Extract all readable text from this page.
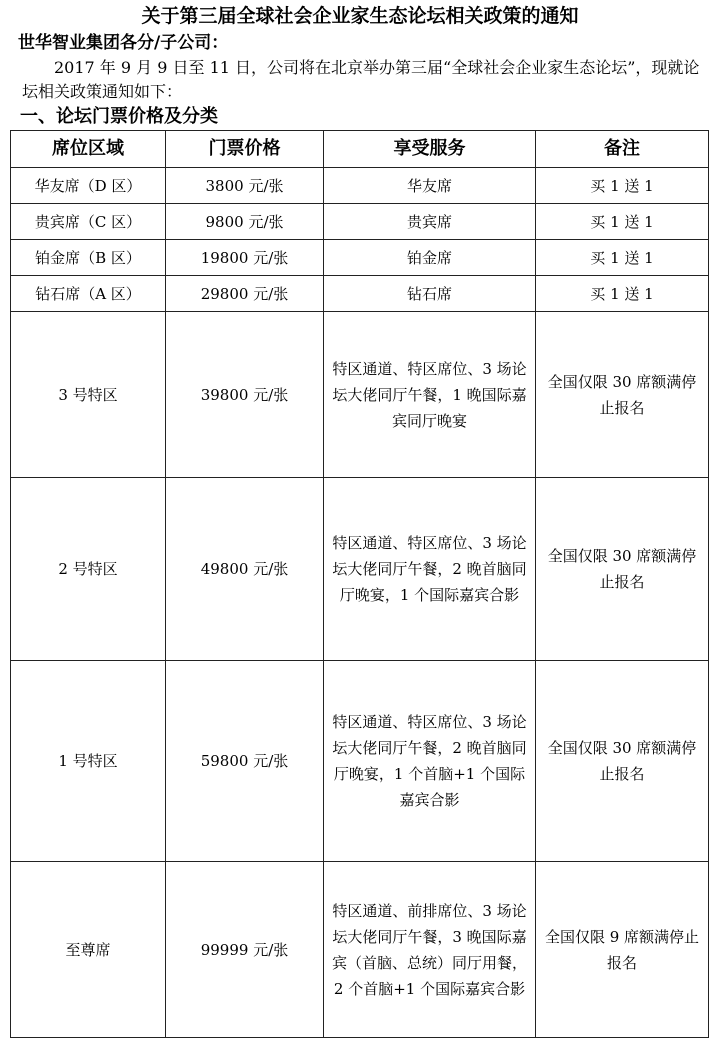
关于第三届全球社会企业家生态论坛相关政策的通知
世华智业集团各分/子公司：
2017 年 9 月 9 日至 11 日，公司将在北京举办第三届“全球社会企业家生态论坛”，现就论坛相关政策通知如下：
一、论坛门票价格及分类
席位区域	门票价格	享受服务	备注
华友席（D 区）	3800 元/张	华友席	买 1 送 1
贵宾席（C 区）	9800 元/张	贵宾席	买 1 送 1
铂金席（B 区）	19800 元/张	铂金席	买 1 送 1
钻石席（A 区）	29800 元/张	钻石席	买 1 送 1
3 号特区	39800 元/张	特区通道、特区席位、3 场论坛大佬同厅午餐，1 晚国际嘉宾同厅晚宴	全国仅限 30 席额满停止报名
2 号特区	49800 元/张	特区通道、特区席位、3 场论坛大佬同厅午餐，2 晚首脑同厅晚宴，1 个国际嘉宾合影	全国仅限 30 席额满停止报名
1 号特区	59800 元/张	特区通道、特区席位、3 场论坛大佬同厅午餐，2 晚首脑同厅晚宴，1 个首脑+1 个国际嘉宾合影	全国仅限 30 席额满停止报名
至尊席	99999 元/张	特区通道、前排席位、3 场论坛大佬同厅午餐，3 晚国际嘉宾（首脑、总统）同厅用餐，2 个首脑+1 个国际嘉宾合影	全国仅限 9 席额满停止报名
